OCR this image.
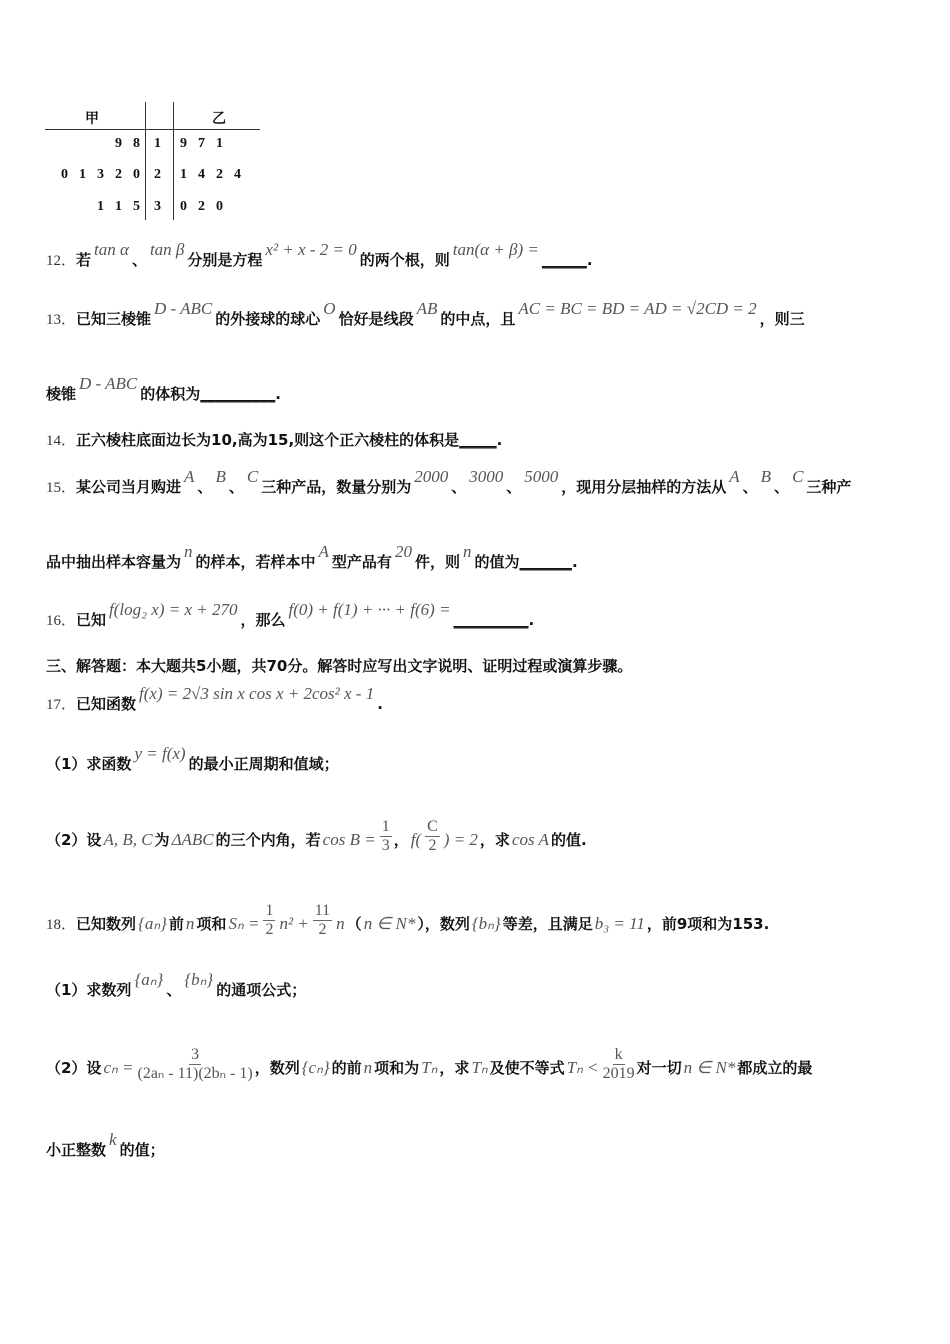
甲	乙
9  8 1 9  7  1
0  1  3  2  0 2 1  4  2  4
1  1  5 3 0  2  0
12．若tan α、tan β分别是方程x² + x - 2 = 0的两个根，则tan(α + β) =______.
13．已知三棱锥D - ABC的外接球的球心O恰好是线段AB的中点，且AC = BC = BD = AD = √2CD = 2，则三
棱锥D - ABC的体积为__________.
14．正六棱柱底面边长为10,高为15,则这个正六棱柱的体积是_____.
15．某公司当月购进A、B、C三种产品，数量分别为2000、3000、5000，现用分层抽样的方法从A、B、C三种产
品中抽出样本容量为n的样本，若样本中A型产品有20件，则n的值为_______.
16．已知f(log₂ x) = x + 270，那么f(0) + f(1) + ··· + f(6) =__________.
三、解答题：本大题共5小题，共70分。解答时应写出文字说明、证明过程或演算步骤。
17．已知函数f(x) = 2√3 sin x cos x + 2cos² x - 1.
（1）求函数y = f(x)的最小正周期和值域；
（2）设 A, B, C 为 ΔABC 的三个内角，若 $\cos B = \frac{1}{3}$ ， $f( \frac{C}{2}$ ) = 2 ，求 cos A 的值.
18．已知数列 {aₙ} 前 n 项和 $S_n = \frac{1}{2} n^2 + \frac{11}{2}$ n （ n ∈ N* ），数列 {bₙ} 等差，且满足 b₃ = 11 ，前9项和为153.
（1）求数列{aₙ}、{bₙ}的通项公式；
（2）设 $c_n = \frac{3}{\text{(2aₙ - 11)(2bₙ - 1)}}$ ，数列 {cₙ} 的前 n 项和为 Tₙ ，求 Tₙ 及使不等式 $T_n < \frac{k}{2019}$ 对一切 n ∈ N* 都成立的最
小正整数k的值；
